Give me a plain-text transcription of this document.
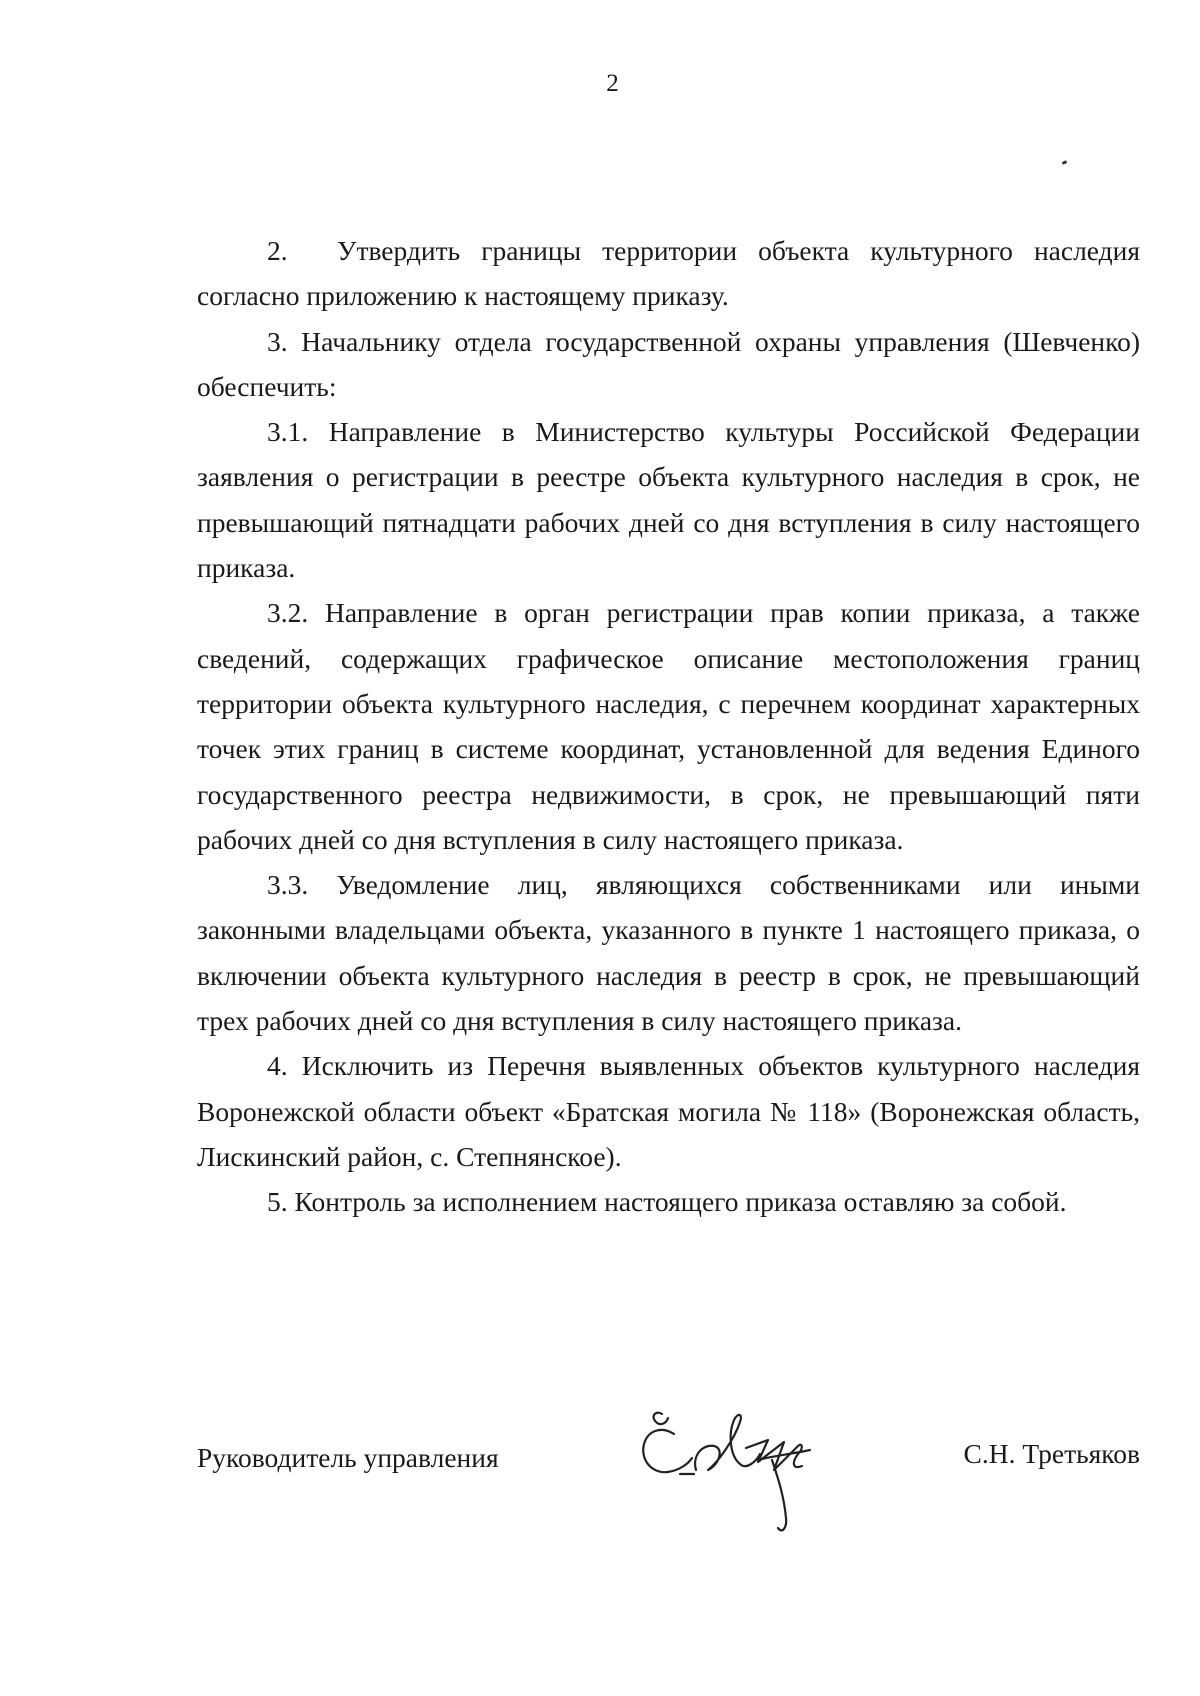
2

2. Утвердить границы территории объекта культурного наследия согласно приложению к настоящему приказу.

3. Начальнику отдела государственной охраны управления (Шевченко) обеспечить:

3.1. Направление в Министерство культуры Российской Федерации заявления о регистрации в реестре объекта культурного наследия в срок, не превышающий пятнадцати рабочих дней со дня вступления в силу настоящего приказа.

3.2. Направление в орган регистрации прав копии приказа, а также сведений, содержащих графическое описание местоположения границ территории объекта культурного наследия, с перечнем координат характерных точек этих границ в системе координат, установленной для ведения Единого государственного реестра недвижимости, в срок, не превышающий пяти рабочих дней со дня вступления в силу настоящего приказа.

3.3. Уведомление лиц, являющихся собственниками или иными законными владельцами объекта, указанного в пункте 1 настоящего приказа, о включении объекта культурного наследия в реестр в срок, не превышающий трех рабочих дней со дня вступления в силу настоящего приказа.

4. Исключить из Перечня выявленных объектов культурного наследия Воронежской области объект «Братская могила № 118» (Воронежская область, Лискинский район, с. Степнянское).

5. Контроль за исполнением настоящего приказа оставляю за собой.

Руководитель управления	С.Н. Третьяков
